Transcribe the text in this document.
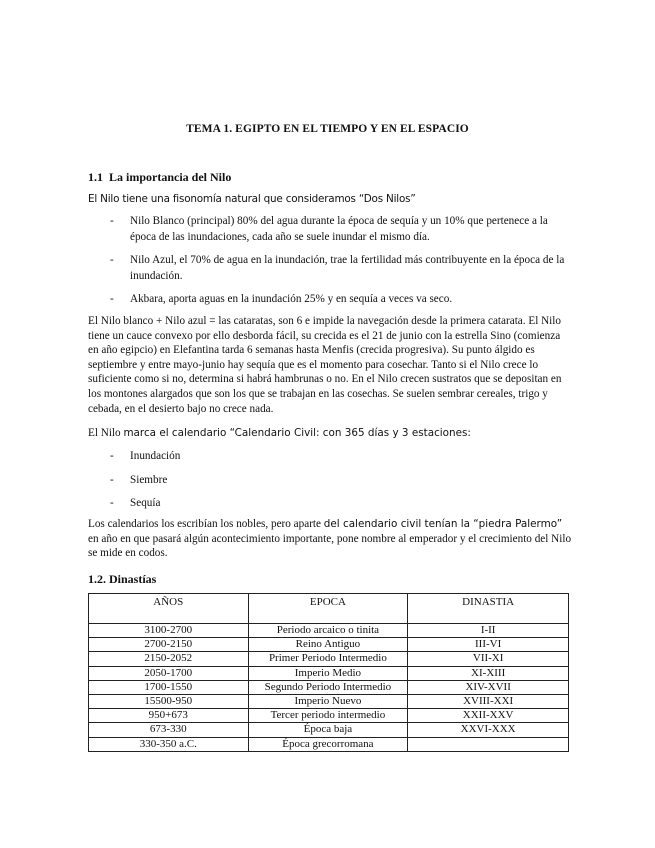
TEMA 1. EGIPTO EN EL TIEMPO Y EN EL ESPACIO
1.1 La importancia del Nilo
El Nilo tiene una fisonomía natural que consideramos “Dos Nilos”
- Nilo Blanco (principal) 80% del agua durante la época de sequía y un 10% que pertenece a la época de las inundaciones, cada año se suele inundar el mismo día.
- Nilo Azul, el 70% de agua en la inundación, trae la fertilidad más contribuyente en la época de la inundación.
- Akbara, aporta aguas en la inundación 25% y en sequía a veces va seco.
El Nilo blanco + Nilo azul = las cataratas, son 6 e impide la navegación desde la primera catarata. El Nilo tiene un cauce convexo por ello desborda fácil, su crecida es el 21 de junio con la estrella Sino (comienza en año egipcio) en Elefantina tarda 6 semanas hasta Menfis (crecida progresiva). Su punto álgido es septiembre y entre mayo-junio hay sequía que es el momento para cosechar. Tanto si el Nilo crece lo suficiente como si no, determina si habrá hambrunas o no. En el Nilo crecen sustratos que se depositan en los montones alargados que son los que se trabajan en las cosechas. Se suelen sembrar cereales, trigo y cebada, en el desierto bajo no crece nada.
El Nilo marca el calendario “Calendario Civil: con 365 días y 3 estaciones:
- Inundación
- Siembre
- Sequía
Los calendarios los escribían los nobles, pero aparte del calendario civil tenían la “piedra Palermo” en año en que pasará algún acontecimiento importante, pone nombre al emperador y el crecimiento del Nilo se mide en codos.
1.2. Dinastías
AÑOS	EPOCA	DINASTIA
3100-2700	Periodo arcaico o tinita	I-II
2700-2150	Reino Antiguo	III-VI
2150-2052	Primer Periodo Intermedio	VII-XI
2050-1700	Imperio Medio	XI-XIII
1700-1550	Segundo Periodo Intermedio	XIV-XVII
15500-950	Imperio Nuevo	XVIII-XXI
950+673	Tercer periodo intermedio	XXII-XXV
673-330	Época baja	XXVI-XXX
330-350 a.C.	Época grecorromana	
